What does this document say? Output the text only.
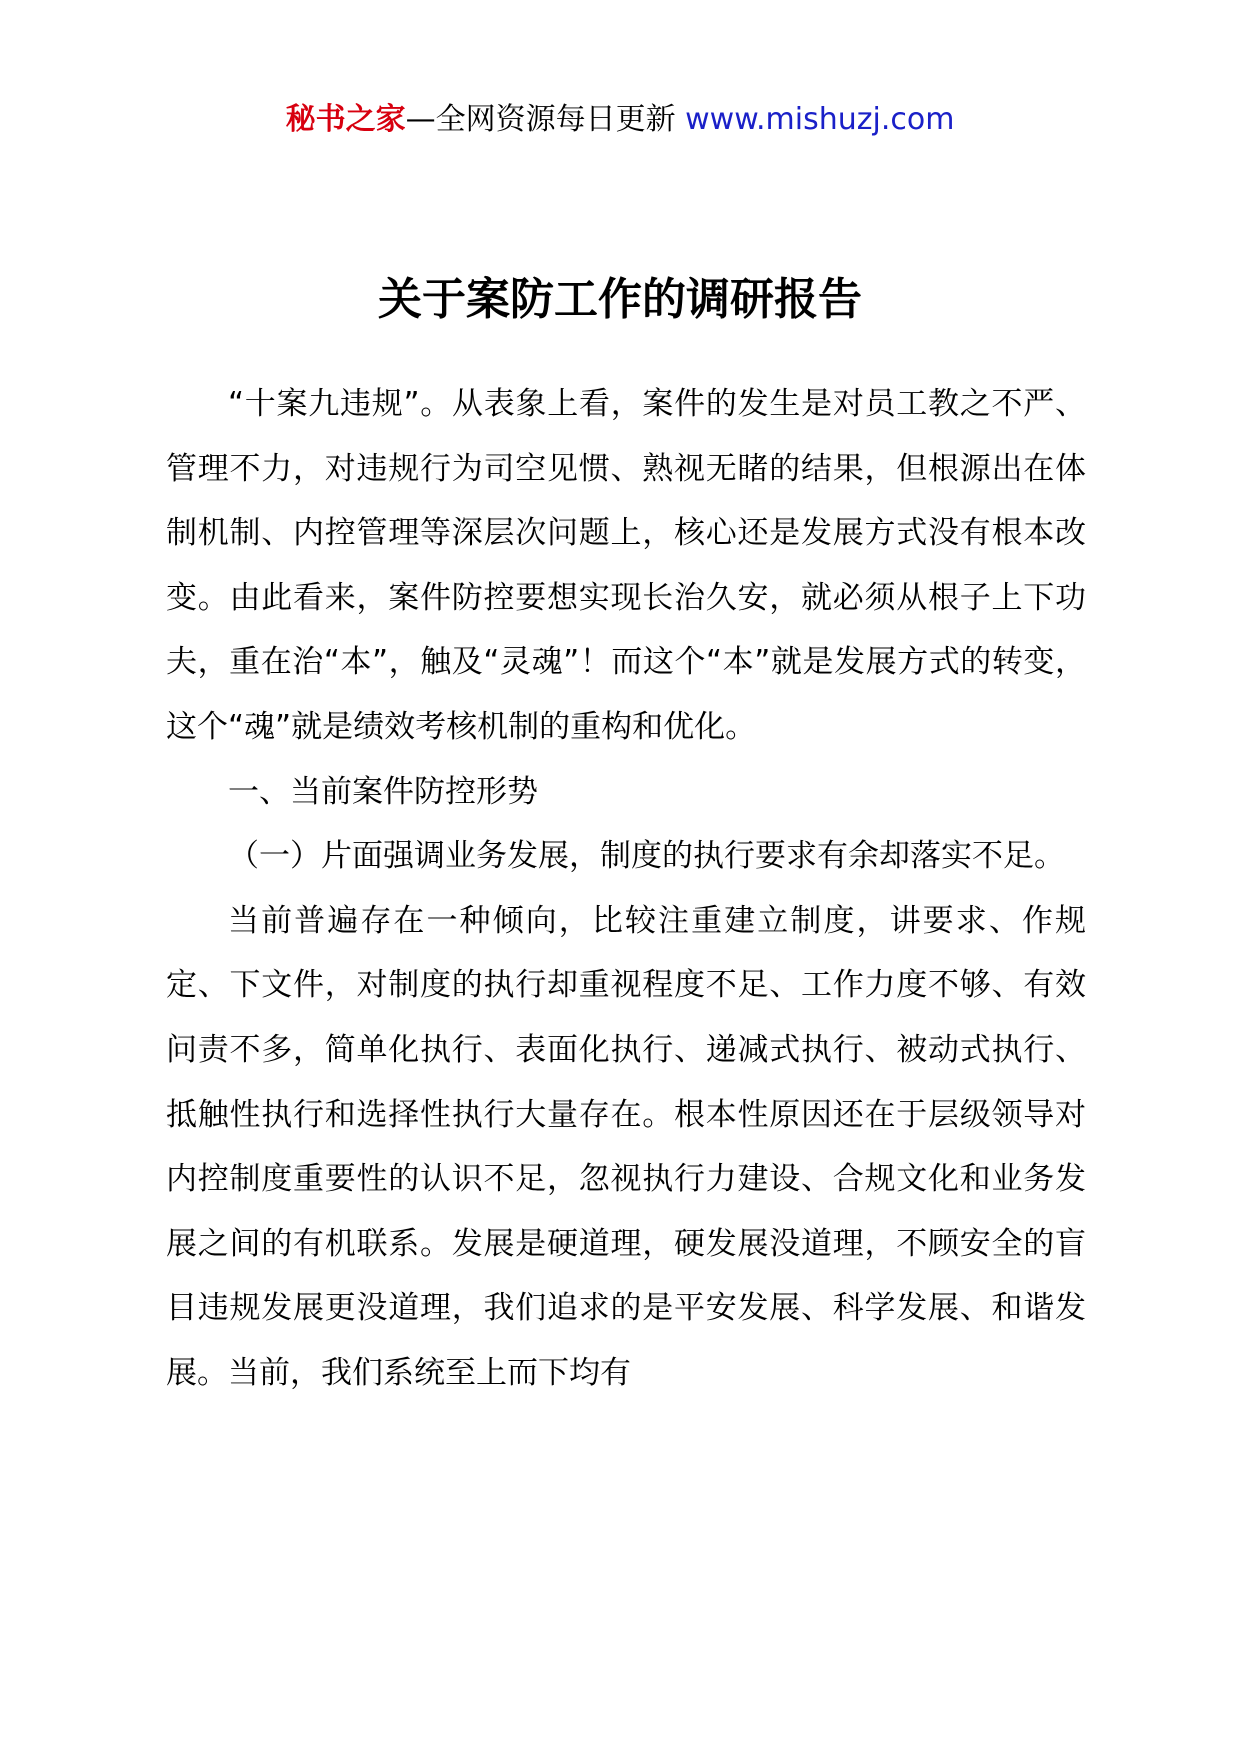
秘书之家—全网资源每日更新 www.mishuzj.com
关于案防工作的调研报告

“十案九违规”。从表象上看，案件的发生是对员工教之不严、管理不力，对违规行为司空见惯、熟视无睹的结果，但根源出在体制机制、内控管理等深层次问题上，核心还是发展方式没有根本改变。由此看来，案件防控要想实现长治久安，就必须从根子上下功夫，重在治“本”，触及“灵魂”！而这个“本”就是发展方式的转变，这个“魂”就是绩效考核机制的重构和优化。

一、当前案件防控形势

（一）片面强调业务发展，制度的执行要求有余却落实不足。

当前普遍存在一种倾向，比较注重建立制度，讲要求、作规定、下文件，对制度的执行却重视程度不足、工作力度不够、有效问责不多，简单化执行、表面化执行、递减式执行、被动式执行、抵触性执行和选择性执行大量存在。根本性原因还在于层级领导对内控制度重要性的认识不足，忽视执行力建设、合规文化和业务发展之间的有机联系。发展是硬道理，硬发展没道理，不顾安全的盲目违规发展更没道理，我们追求的是平安发展、科学发展、和谐发展。当前，我们系统至上而下均有
